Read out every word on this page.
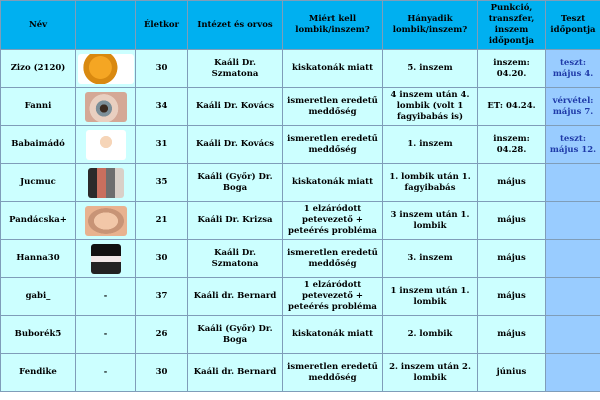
Név		Életkor	Intézet és orvos	Miért kell lombik/inszem?	Hányadik lombik/inszem?	Punkció, transzfer, inszem időpontja	Teszt időpontja
Zizo (2120)		30	Kaáli Dr. Szmatona	kiskatonák miatt	5. inszem	inszem: 04.20.	teszt: május 4.
Fanni		34	Kaáli Dr. Kovács	ismeretlen eredetű meddőség	4 inszem után 4. lombik (volt 1 fagyibabás is)	ET: 04.24.	vérvétel: május 7.
Babaimádó		31	Kaáli Dr. Kovács	ismeretlen eredetű meddőség	1. inszem	inszem: 04.28.	teszt: május 12.
Jucmuc		35	Kaáli (Győr) Dr. Boga	kiskatonák miatt	1. lombik után 1. fagyibabás	május	
Pandácska+		21	Kaáli Dr. Krizsa	1 elzáródott petevezető + peteérés probléma	3 inszem után 1. lombik	május	
Hanna30		30	Kaáli Dr. Szmatona	ismeretlen eredetű meddőség	3. inszem	május	
gabi_	-	37	Kaáli dr. Bernard	1 elzáródott petevezető + peteérés probléma	1 inszem után 1. lombik	május	
Buborék5	-	26	Kaáli (Győr) Dr. Boga	kiskatonák miatt	2. lombik	május	
Fendike	-	30	Kaáli dr. Bernard	ismeretlen eredetű meddőség	2. inszem után 2. lombik	június	
